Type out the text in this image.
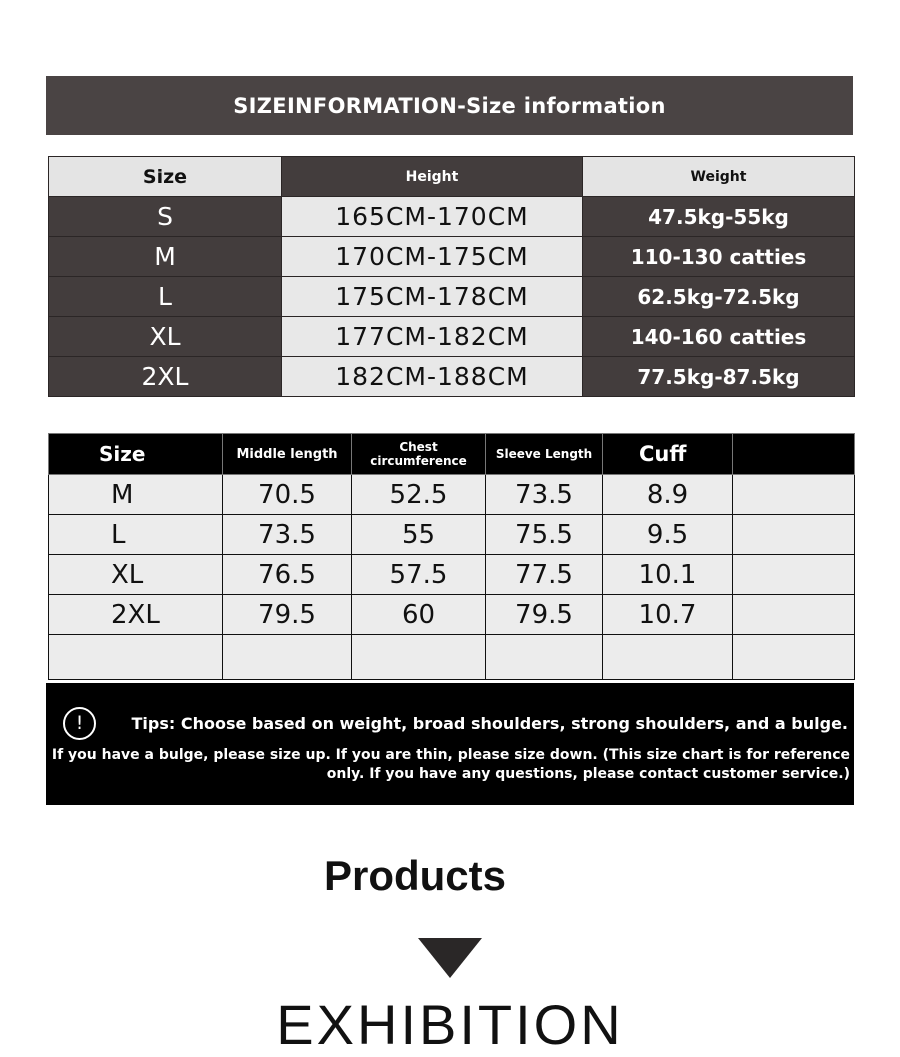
SIZEINFORMATION-Size information
Size	Height	Weight
S	165CM-170CM	47.5kg-55kg
M	170CM-175CM	110-130 catties
L	175CM-178CM	62.5kg-72.5kg
XL	177CM-182CM	140-160 catties
2XL	182CM-188CM	77.5kg-87.5kg
Size	Middle length	Chest circumference	Sleeve Length	Cuff	
M	70.5	52.5	73.5	8.9	
L	73.5	55	75.5	9.5	
XL	76.5	57.5	77.5	10.1	
2XL	79.5	60	79.5	10.7	

!	Tips: Choose based on weight, broad shoulders, strong shoulders, and a bulge.
If you have a bulge, please size up. If you are thin, please size down. (This size chart is for reference
only. If you have any questions, please contact customer service.)
Products
EXHIBITION
